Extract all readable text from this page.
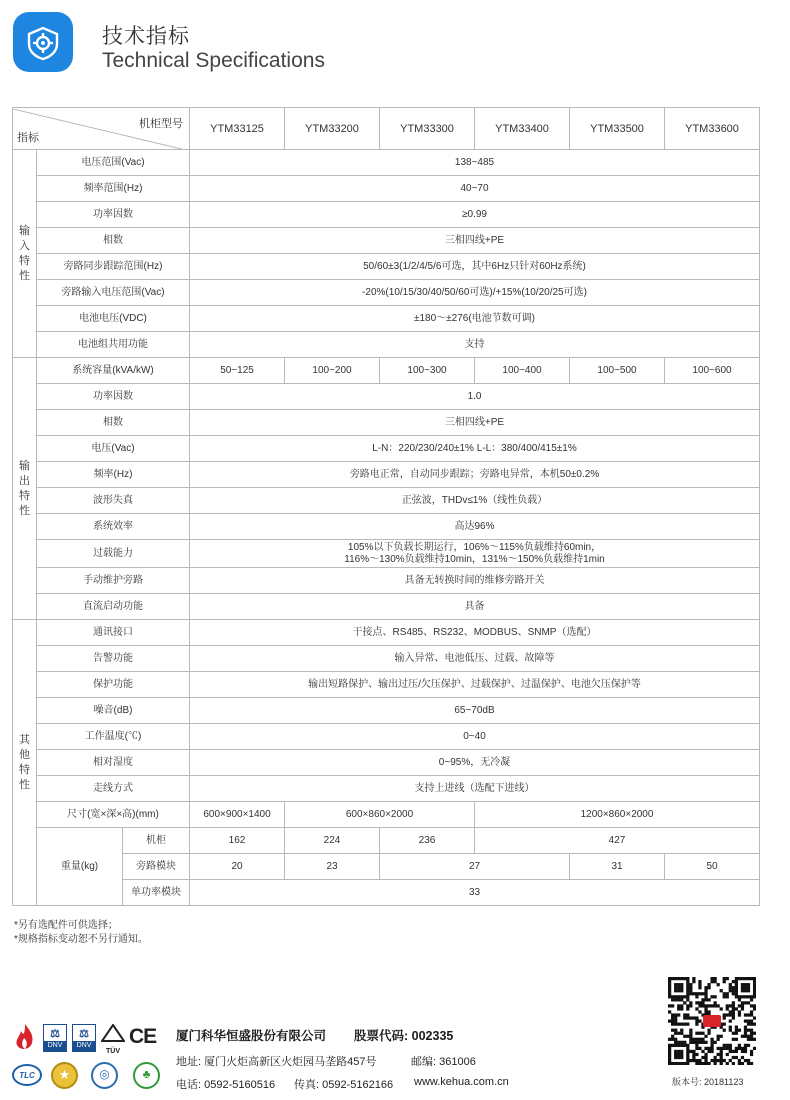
技术指标
Technical Specifications
机柜型号
指标			YTM33125	YTM33200	YTM33300	YTM33400	YTM33500	YTM33600

输
入
特
性	电压范围(Vac)		138~485					
	频率范围(Hz)		40~70					
	功率因数		≥0.99					
	相数		三相四线+PE					
	旁路同步跟踪范围(Hz)		50/60±3(1/2/4/5/6可选，其中6Hz只针对60Hz系统)					
	旁路输入电压范围(Vac)		-20%(10/15/30/40/50/60可选)/+15%(10/20/25可选)					
	电池电压(VDC)		±180～±276(电池节数可调)					
	电池组共用功能		支持					

输
出
特
性	系统容量(kVA/kW)		50~125	100~200	100~300	100~400	100~500	100~600
	功率因数		1.0					
	相数		三相四线+PE					
	电压(Vac)		L-N：220/230/240±1% L-L：380/400/415±1%					
	频率(Hz)		旁路电正常，自动同步跟踪；旁路电异常，本机50±0.2%					
	波形失真		正弦波，THDv≤1%（线性负载）					
	系统效率		高达96%					
	过载能力		105%以下负载长期运行，106%～115%负载维持60min，
116%～130%负载维持10min，131%～150%负载维持1min					

	手动维护旁路		具备无转换时间的维修旁路开关					
	直流启动功能		具备					

其
他
特
性	通讯接口		干接点、RS485、RS232、MODBUS、SNMP（选配）					
	告警功能		输入异常、电池低压、过载、故障等					
	保护功能		输出短路保护、输出过压/欠压保护、过载保护、过温保护、电池欠压保护等					
	噪音(dB)		65~70dB					
	工作温度(℃)		0~40					
	相对湿度		0~95%，无冷凝					
	走线方式		支持上进线（选配下进线）					
	尺寸(宽×深×高)(mm)		600×900×1400	600×860×2000		1200×860×2000		
	重量(kg)	机柜	162	224	236	427		
		旁路模块	20	23	27		31	50
		单功率模块	33					
*另有选配件可供选择；
*规格指标变动恕不另行通知。
⚖
DNV
⚖
DNV
TÜV
CE
TLC	★	◎	♣
厦门科华恒盛股份有限公司 股票代码: 002335
地址: 厦门火炬高新区火炬园马垄路457号	邮编: 361006
电话: 0592-5160516 传真: 0592-5162166 www.kehua.com.cn	版本号: 20181123
